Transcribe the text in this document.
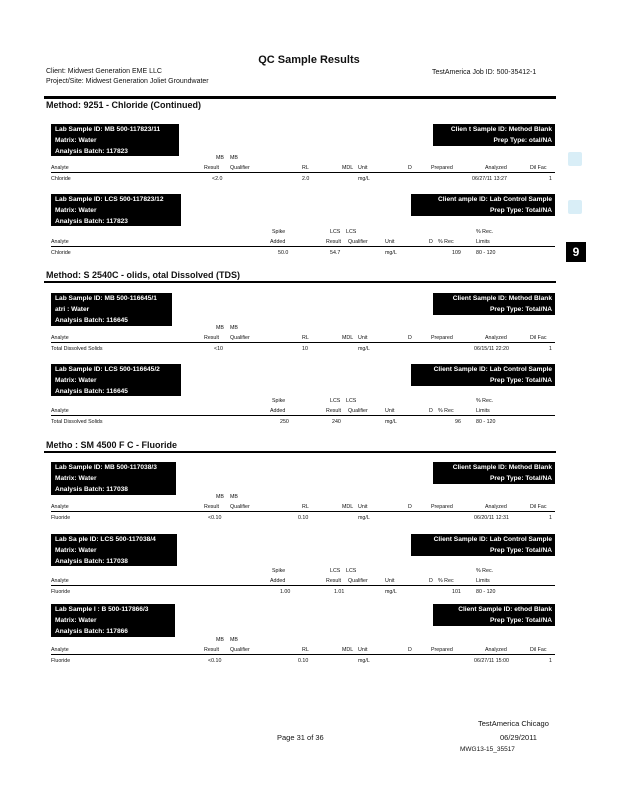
QC Sample Results
Client: Midwest Generation EME LLC
Project/Site: Midwest Generation Joliet Groundwater
TestAmerica Job ID: 500-35412-1
9
Method: 9251 - Chloride (Continued)
Method: S 2540C - olids, otal Dissolved (TDS)
Metho : SM 4500 F C - Fluoride
Lab Sample ID: MB 500-117823/11
Matrix: Water
Analysis Batch: 117823
Clien t Sample ID: Method Blank
Prep Type: otal/NA
MB MB
Analyte	Result Qualifier	RL	MDL Unit	D	Prepared	Analyzed	Dil Fac
Chloride	<2.0	2.0	mg/L	06/27/11 13:27	1
Lab Sample ID: LCS 500-117823/12
Matrix: Water
Analysis Batch: 117823
Client ample ID: Lab Control Sample
Prep Type: Total/NA
Spike	LCS LCS	% Rec.
Analyte	Added	Result Qualifier	Unit	D % Rec	Limits
Chloride	50.0	54.7	mg/L	109	80 - 120
Lab Sample ID: MB 500-116645/1
atri : Water
Analysis Batch: 116645
Client Sample ID: Method Blank
Prep Type: Total/NA
MB MB
Analyte	Result Qualifier	RL	MDL Unit	D	Prepared	Analyzed	Dil Fac
Total Dissolved Solids	<10	10	mg/L	06/15/11 22:20	1
Lab Sample ID: LCS 500-116645/2
Matrix: Water
Analysis Batch: 116645
Client Sample ID: Lab Control Sample
Prep Type: Total/NA
Spike	LCS LCS	% Rec.
Analyte	Added	Result Qualifier	Unit	D % Rec	Limits
Total Dissolved Solids	250	240	mg/L	96	80 - 120
Lab Sample ID: MB 500-117038/3
Matrix: Water
Analysis Batch: 117038
Client Sample ID: Method Blank
Prep Type: Total/NA
MB MB
Analyte	Result Qualifier	RL	MDL Unit	D	Prepared	Analyzed	Dil Fac
Fluoride	<0.10	0.10	mg/L	06/20/11 12:31	1
Lab Sa ple ID: LCS 500-117038/4
Matrix: Water
Analysis Batch: 117038
Client Sample ID: Lab Control Sample
Prep Type: Total/NA
Spike	LCS LCS	% Rec.
Analyte	Added	Result Qualifier	Unit	D % Rec	Limits
Fluoride	1.00	1.01	mg/L	101	80 - 120
Lab Sample I : B 500-117866/3
Matrix: Water
Analysis Batch: 117866
Client Sample ID: ethod Blank
Prep Type: Total/NA
MB MB
Analyte	Result Qualifier	RL	MDL Unit	D	Prepared	Analyzed	Dil Fac
Fluoride	<0.10	0.10	mg/L	06/27/11 15:00	1
Page 31 of 36
TestAmerica Chicago
06/29/2011
MWG13-15_35517
